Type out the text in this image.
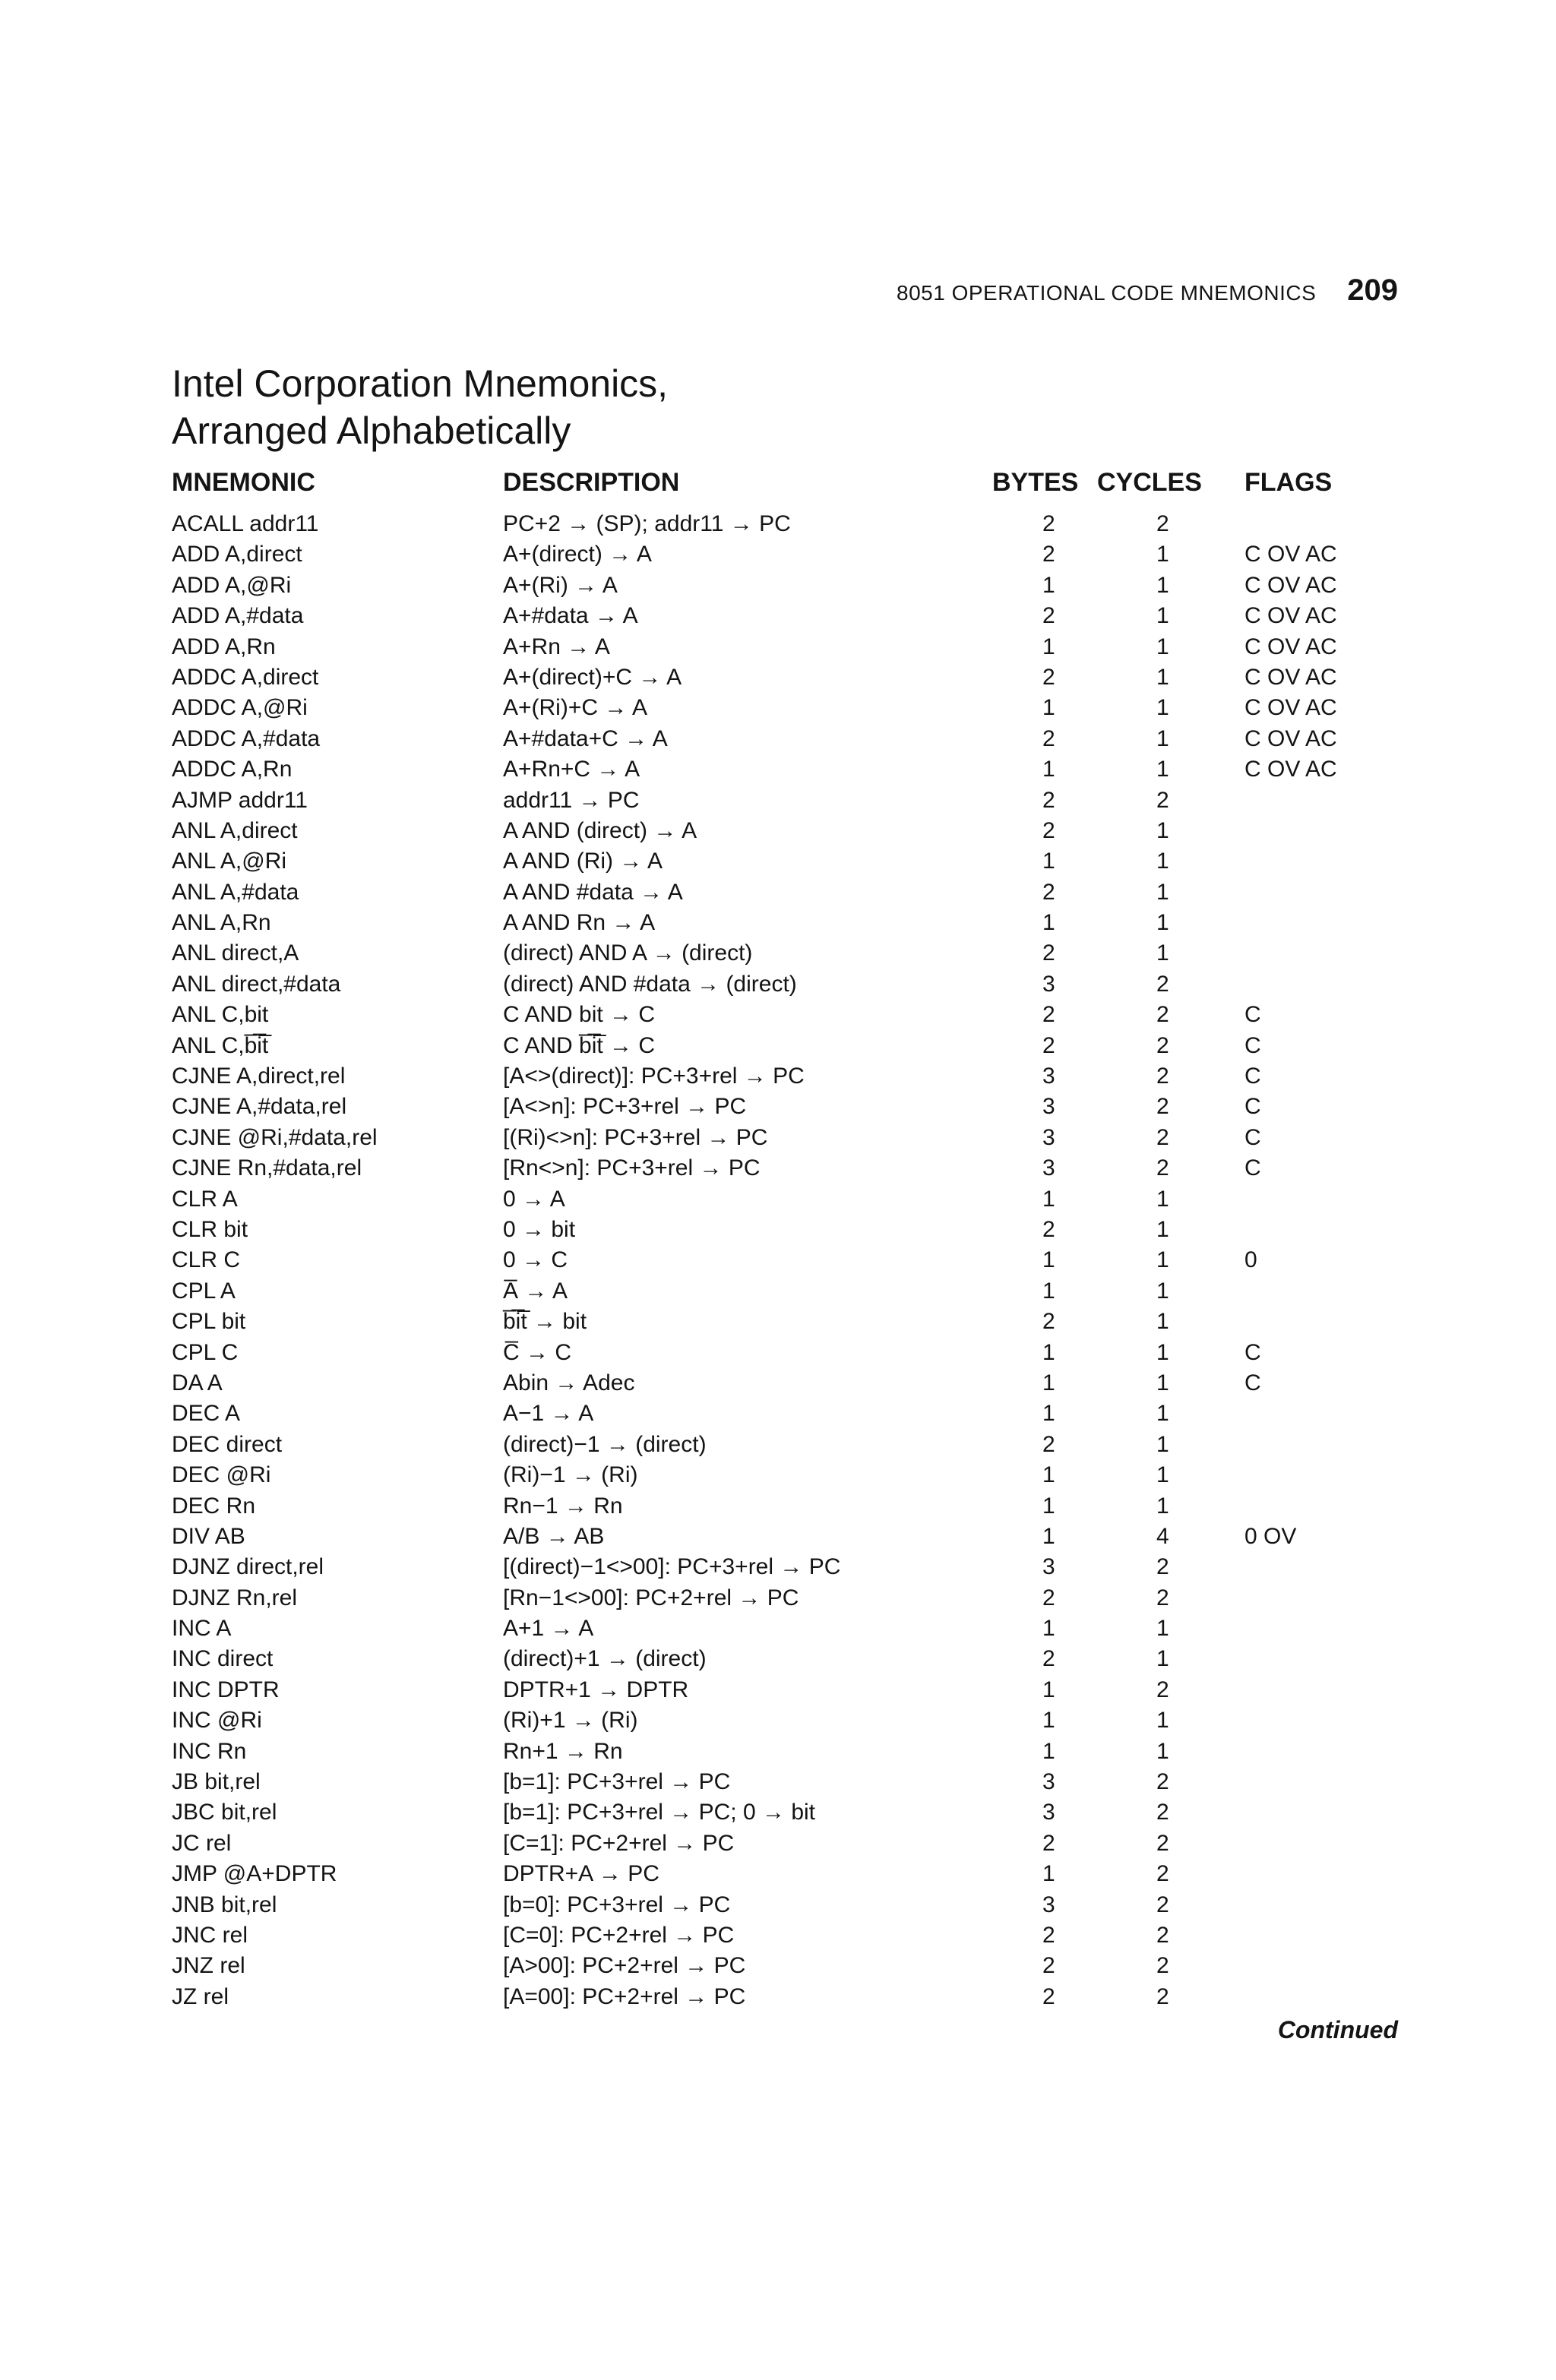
8051 OPERATIONAL CODE MNEMONICS 209
Intel Corporation Mnemonics,
Arranged Alphabetically
MNEMONIC	DESCRIPTION	BYTES CYCLES FLAGS
ACALL addr11	PC+2 → (SP); addr11 → PC	2	2
ADD A,direct	A+(direct) → A	2	1	C OV AC
ADD A,@Ri	A+(Ri) → A	1	1	C OV AC
ADD A,#data	A+#data → A	2	1	C OV AC
ADD A,Rn	A+Rn → A	1	1	C OV AC
ADDC A,direct	A+(direct)+C → A	2	1	C OV AC
ADDC A,@Ri	A+(Ri)+C → A	1	1	C OV AC
ADDC A,#data	A+#data+C → A	2	1	C OV AC
ADDC A,Rn	A+Rn+C → A	1	1	C OV AC
AJMP addr11	addr11 → PC	2	2
ANL A,direct	A AND (direct) → A	2	1
ANL A,@Ri	A AND (Ri) → A	1	1
ANL A,#data	A AND #data → A	2	1
ANL A,Rn	A AND Rn → A	1	1
ANL direct,A	(direct) AND A → (direct)	2	1
ANL direct,#data	(direct) AND #data → (direct)	3	2
ANL C,bit	C AND bit → C	2	2	C
ANL C,b̅i̅t̅	C AND b̅i̅t̅ → C	2	2	C
CJNE A,direct,rel	[A<>(direct)]: PC+3+rel → PC	3	2	C
CJNE A,#data,rel	[A<>n]: PC+3+rel → PC	3	2	C
CJNE @Ri,#data,rel	[(Ri)<>n]: PC+3+rel → PC	3	2	C
CJNE Rn,#data,rel	[Rn<>n]: PC+3+rel → PC	3	2	C
CLR A	0 → A	1	1
CLR bit	0 → bit	2	1
CLR C	0 → C	1	1	0
CPL A	A̅ → A	1	1
CPL bit	b̅i̅t̅ → bit	2	1
CPL C	C̅ → C	1	1	C
DA A	Abin → Adec	1	1	C
DEC A	A−1 → A	1	1
DEC direct	(direct)−1 → (direct)	2	1
DEC @Ri	(Ri)−1 → (Ri)	1	1
DEC Rn	Rn−1 → Rn	1	1
DIV AB	A/B → AB	1	4	0 OV
DJNZ direct,rel	[(direct)−1<>00]: PC+3+rel → PC	3	2
DJNZ Rn,rel	[Rn−1<>00]: PC+2+rel → PC	2	2
INC A	A+1 → A	1	1
INC direct	(direct)+1 → (direct)	2	1
INC DPTR	DPTR+1 → DPTR	1	2
INC @Ri	(Ri)+1 → (Ri)	1	1
INC Rn	Rn+1 → Rn	1	1
JB bit,rel	[b=1]: PC+3+rel → PC	3	2
JBC bit,rel	[b=1]: PC+3+rel → PC; 0 → bit	3	2
JC rel	[C=1]: PC+2+rel → PC	2	2
JMP @A+DPTR	DPTR+A → PC	1	2
JNB bit,rel	[b=0]: PC+3+rel → PC	3	2
JNC rel	[C=0]: PC+2+rel → PC	2	2
JNZ rel	[A>00]: PC+2+rel → PC	2	2
JZ rel	[A=00]: PC+2+rel → PC	2	2
Continued
